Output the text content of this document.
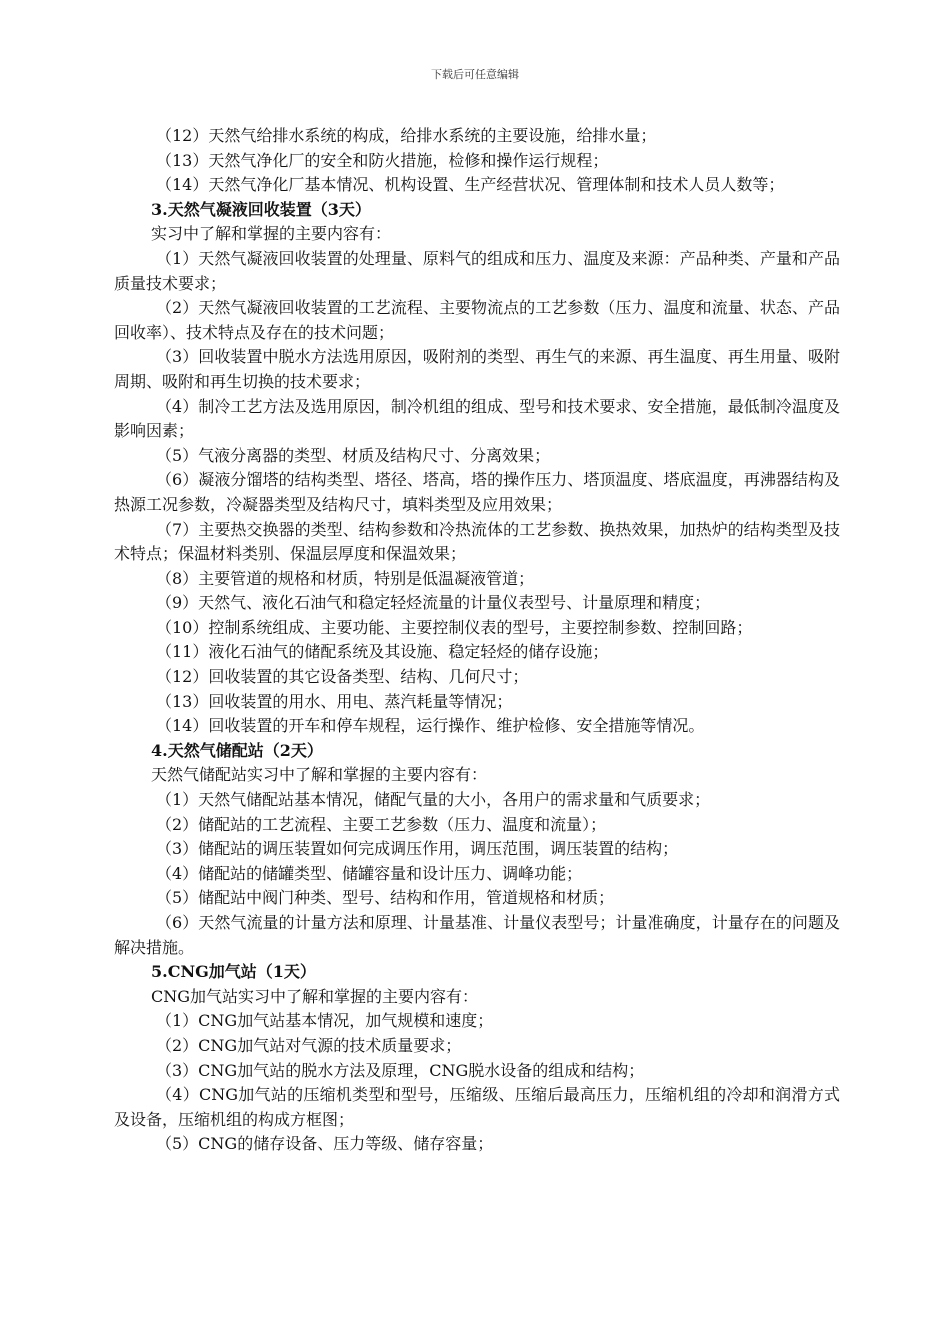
下载后可任意编辑

（12）天然气给排水系统的构成，给排水系统的主要设施，给排水量；

（13）天然气净化厂的安全和防火措施，检修和操作运行规程；

（14）天然气净化厂基本情况、机构设置、生产经营状况、管理体制和技术人员人数等；

3.天然气凝液回收装置（3天）

实习中了解和掌握的主要内容有：

（1）天然气凝液回收装置的处理量、原料气的组成和压力、温度及来源：产品种类、产量和产品质量技术要求；

（2）天然气凝液回收装置的工艺流程、主要物流点的工艺参数（压力、温度和流量、状态、产品回收率）、技术特点及存在的技术问题；

（3）回收装置中脱水方法选用原因，吸附剂的类型、再生气的来源、再生温度、再生用量、吸附周期、吸附和再生切换的技术要求；

（4）制冷工艺方法及选用原因，制冷机组的组成、型号和技术要求、安全措施，最低制冷温度及影响因素；

（5）气液分离器的类型、材质及结构尺寸、分离效果；

（6）凝液分馏塔的结构类型、塔径、塔高，塔的操作压力、塔顶温度、塔底温度，再沸器结构及热源工况参数，冷凝器类型及结构尺寸，填料类型及应用效果；

（7）主要热交换器的类型、结构参数和冷热流体的工艺参数、换热效果，加热炉的结构类型及技术特点；保温材料类别、保温层厚度和保温效果；

（8）主要管道的规格和材质，特别是低温凝液管道；

（9）天然气、液化石油气和稳定轻烃流量的计量仪表型号、计量原理和精度；

（10）控制系统组成、主要功能、主要控制仪表的型号，主要控制参数、控制回路；

（11）液化石油气的储配系统及其设施、稳定轻烃的储存设施；

（12）回收装置的其它设备类型、结构、几何尺寸；

（13）回收装置的用水、用电、蒸汽耗量等情况；

（14）回收装置的开车和停车规程，运行操作、维护检修、安全措施等情况。

4.天然气储配站（2天）

天然气储配站实习中了解和掌握的主要内容有：

（1）天然气储配站基本情况，储配气量的大小，各用户的需求量和气质要求；

（2）储配站的工艺流程、主要工艺参数（压力、温度和流量）；

（3）储配站的调压装置如何完成调压作用，调压范围，调压装置的结构；

（4）储配站的储罐类型、储罐容量和设计压力、调峰功能；

（5）储配站中阀门种类、型号、结构和作用，管道规格和材质；

（6）天然气流量的计量方法和原理、计量基准、计量仪表型号；计量准确度，计量存在的问题及解决措施。

5.CNG加气站（1天）

CNG加气站实习中了解和掌握的主要内容有：

（1）CNG加气站基本情况，加气规模和速度；

（2）CNG加气站对气源的技术质量要求；

（3）CNG加气站的脱水方法及原理，CNG脱水设备的组成和结构；

（4）CNG加气站的压缩机类型和型号，压缩级、压缩后最高压力，压缩机组的冷却和润滑方式及设备，压缩机组的构成方框图；

（5）CNG的储存设备、压力等级、储存容量；
